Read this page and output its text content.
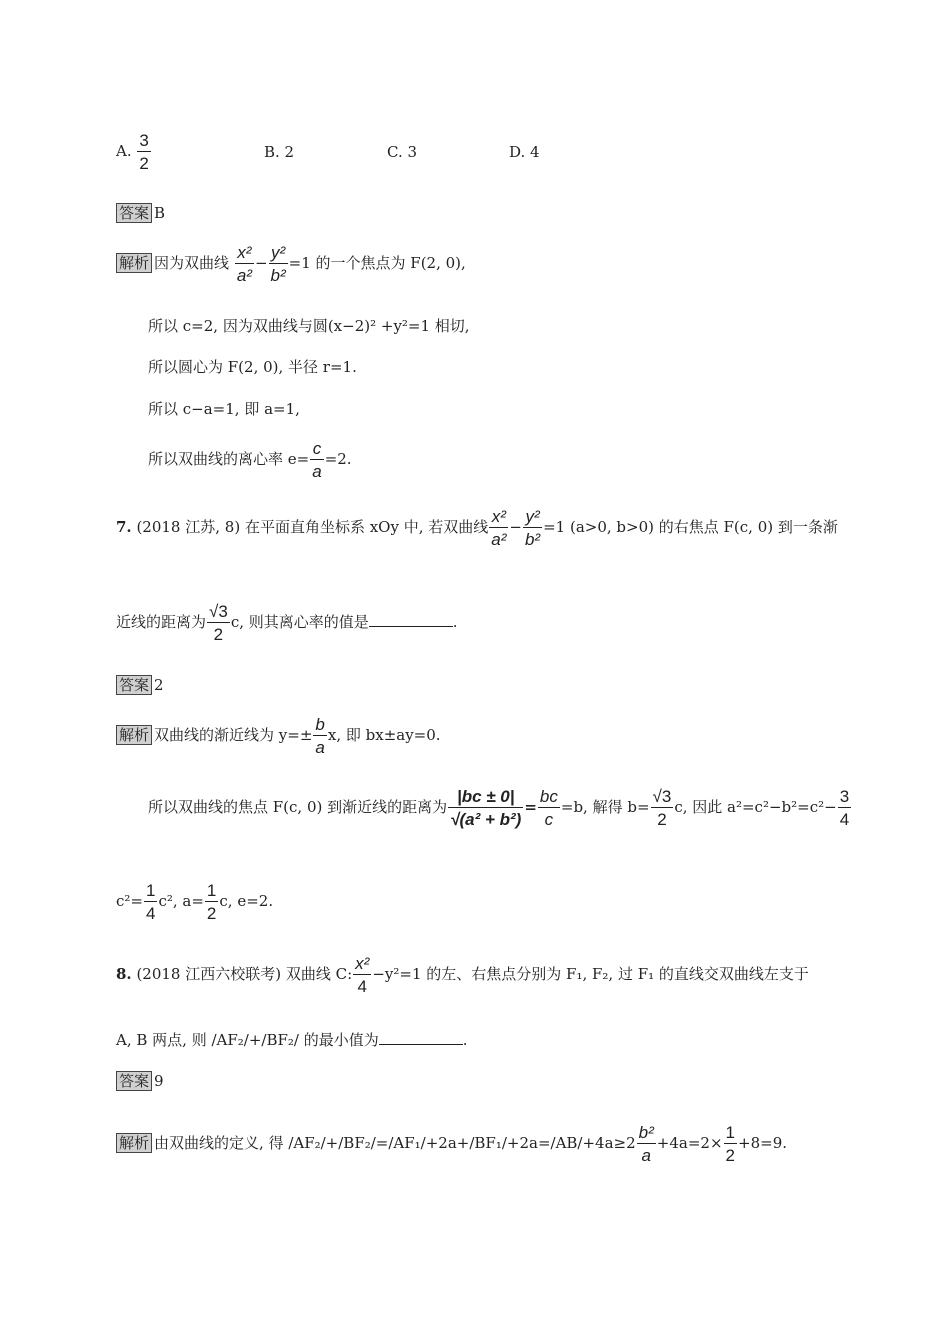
A. $\frac{3}{2}$	B. 2	C. 3	D. 4
答案 B
解析 因为双曲线 $\frac{\text{x²}}{\text{a²}} - \frac{\text{y²}}{\text{b²}} =1$ 的一个焦点为 F(2, 0),
所以 c=2, 因为双曲线与圆(x−2)² +y²=1 相切,
所以圆心为 F(2, 0), 半径 r=1.
所以 c−a=1, 即 a=1,
所以双曲线的离心率 $e= \frac{c}{a} =2$.
7. (2018 江苏, 8) 在平面直角坐标系 xOy 中, 若双曲线 $\frac{\text{x²}}{\text{a²}} - \frac{\text{y²}}{\text{b²}} =1$ (a>0, b>0) 的右焦点 F(c, 0) 到一条渐
近线的距离为 $\frac{√3}{2} c$, 则其离心率的值是	.
答案 2
解析 双曲线的渐近线为 $y=\pm \frac{b}{a} x$, 即 bx±ay=0.
所以双曲线的焦点 F(c, 0) 到渐近线的距离为 $\frac{|bc \pm 0|}{\text{√(a² + b²)}} = \frac{bc}{c} =b$, 解得 $b= \frac{√3}{2} c$, 因此 $a^2=c^2-b^2=c^2- \frac{3}{4}$
$c^2= \frac{1}{4} c^2$, $a= \frac{1}{2} c$, e=2.
8. (2018 江西六校联考) 双曲线 C: $\frac{\text{x²}}{4} -y^2=1$ 的左、右焦点分别为 F₁, F₂, 过 F₁ 的直线交双曲线左支于
A, B 两点, 则 /AF₂/+/BF₂/ 的最小值为	.
答案 9
解析 由双曲线的定义, 得 $/AF_2/+/BF_2/=/AF_1/+2a+/BF_1/+2a=/AB/+4a\ge 2 \frac{\text{b²}}{a} +4a=2\times \frac{1}{2} +8=9$.
